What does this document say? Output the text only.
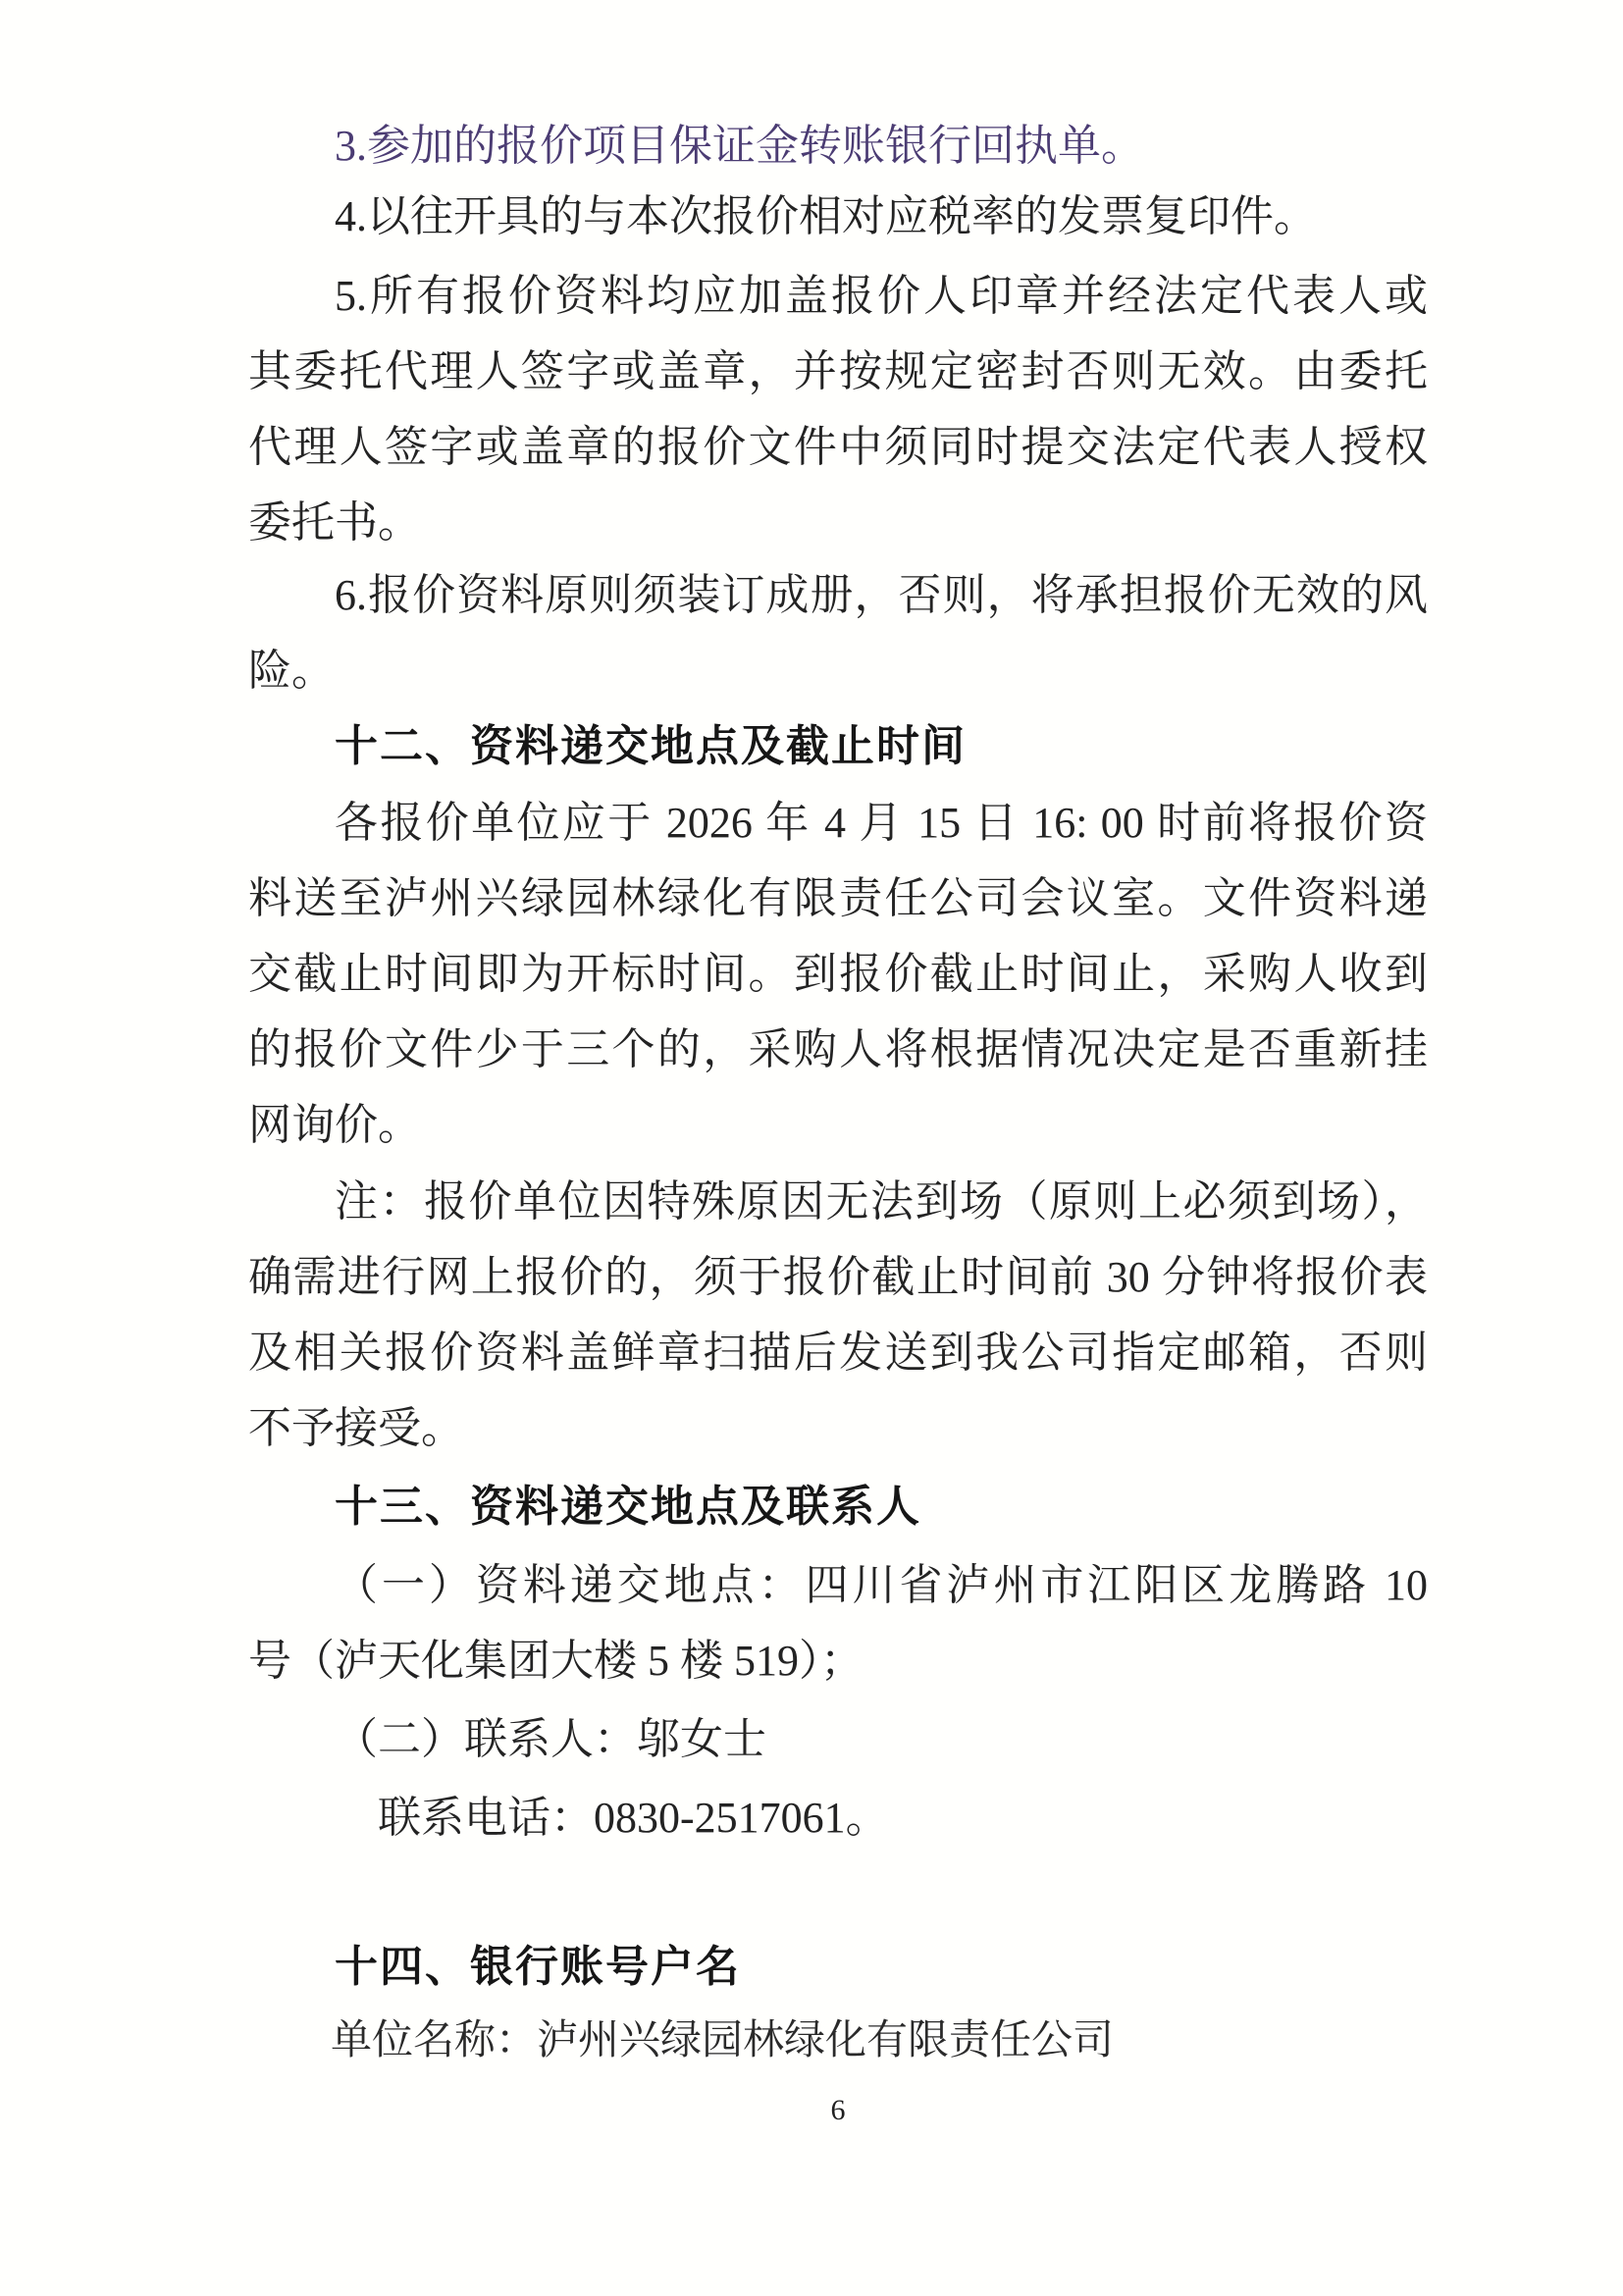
3.参加的报价项目保证金转账银行回执单。
4.以往开具的与本次报价相对应税率的发票复印件。
5.所有报价资料均应加盖报价人印章并经法定代表人或
其委托代理人签字或盖章，并按规定密封否则无效。由委托
代理人签字或盖章的报价文件中须同时提交法定代表人授权
委托书。
6.报价资料原则须装订成册，否则，将承担报价无效的风
险。
十二、资料递交地点及截止时间
各报价单位应于 2026 年 4 月 15 日 16: 00 时前将报价资
料送至泸州兴绿园林绿化有限责任公司会议室。文件资料递
交截止时间即为开标时间。到报价截止时间止，采购人收到
的报价文件少于三个的，采购人将根据情况决定是否重新挂
网询价。
注：报价单位因特殊原因无法到场（原则上必须到场），
确需进行网上报价的，须于报价截止时间前 30 分钟将报价表
及相关报价资料盖鲜章扫描后发送到我公司指定邮箱，否则
不予接受。
十三、资料递交地点及联系人
（一）资料递交地点：四川省泸州市江阳区龙腾路 10
号（泸天化集团大楼 5 楼 519）；
（二）联系人：邬女士
联系电话：0830-2517061。
十四、银行账号户名
单位名称：泸州兴绿园林绿化有限责任公司
6
